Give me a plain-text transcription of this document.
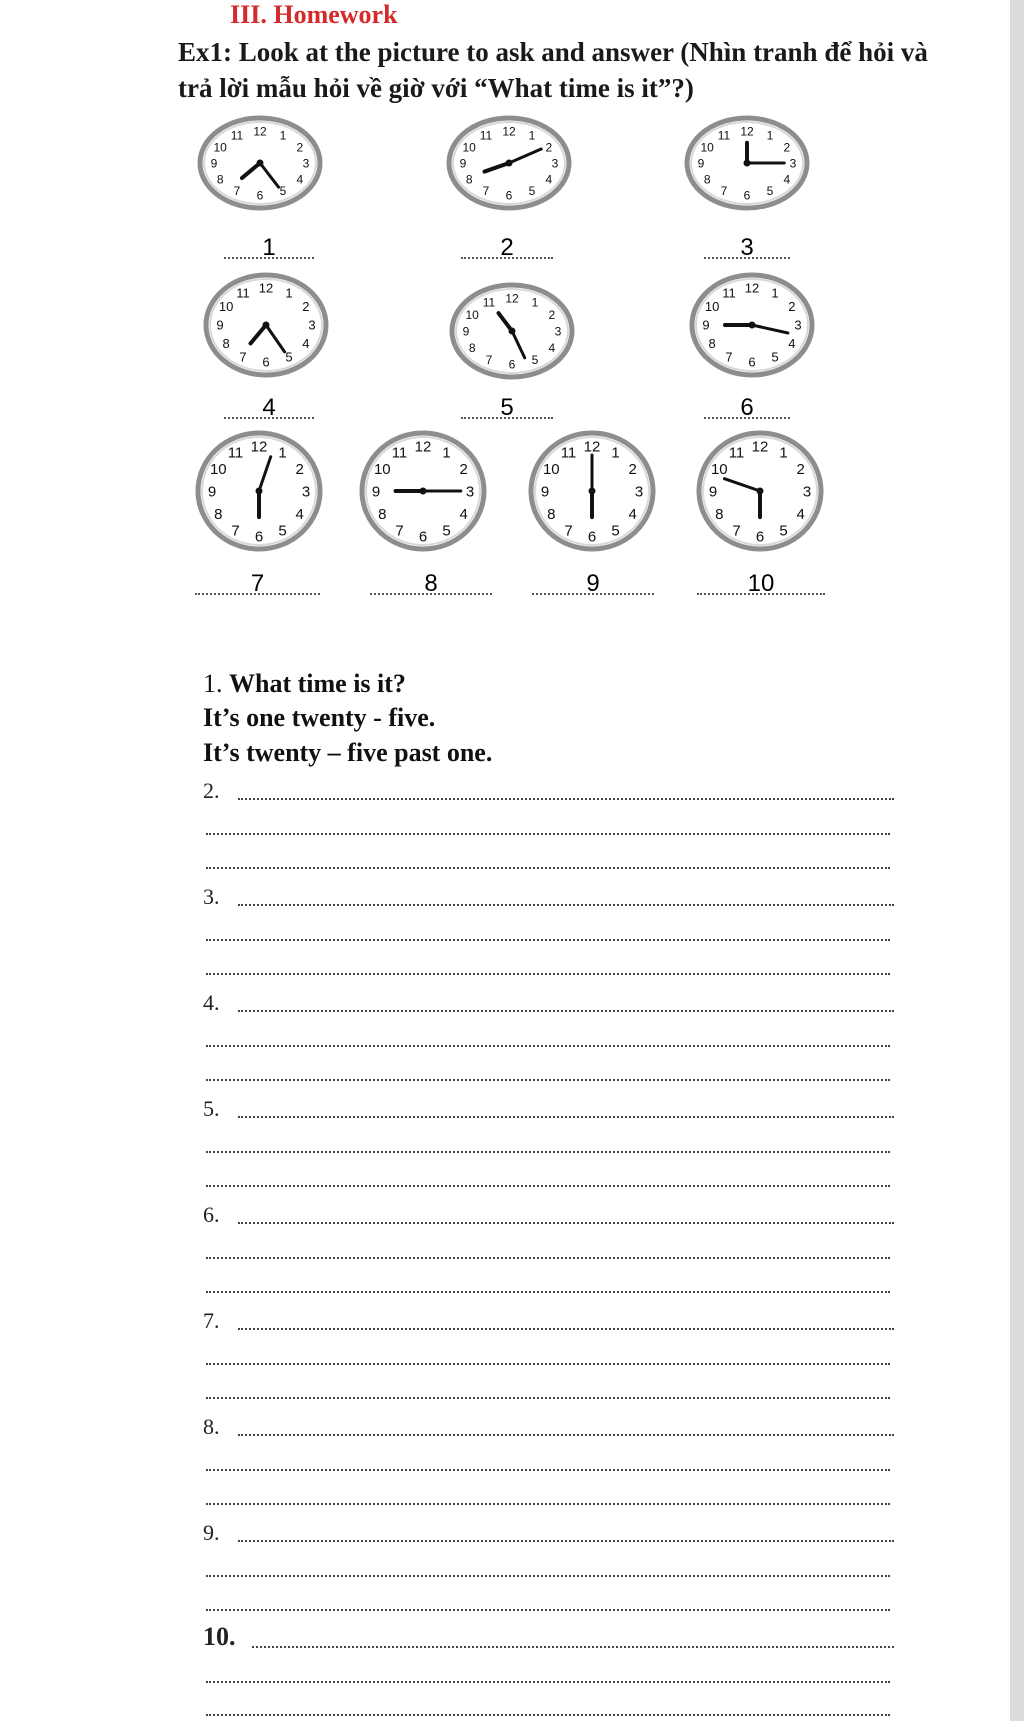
III. Homework
Ex1: Look at the picture to ask and answer (Nhìn tranh để hỏi và trả lời mẫu hỏi về giờ với “What time is it”?)
1
2
3
4
5
6
7
8
9
10
11 12	1
2
3
4
5
6
7
8
9
10
11 12	1
2
3
4
5
6
7
8
9
10
11 12
1	2	3
1
2
3
4
5
6
7
8
9
10
11 12
1
2
3
4
5
6
7
8
9
10
11 12	1
2
3
4
5
6
7
8
9
10
11 12
4	5	6
1
2
3
4
5
6
7
8
9
10
11 12	1
2
3
4
5
6
7
8
9
10
11 12	1
2
3
4
5
6
7
8
9
10
11 12	1
2
3
4
5
6
7
8
9
10
11 12
7	8	9	10
1. What time is it?
It’s one twenty - five.
It’s twenty – five past one.
2.
3.
4.
5.
6.
7.
8.
9.
10.
